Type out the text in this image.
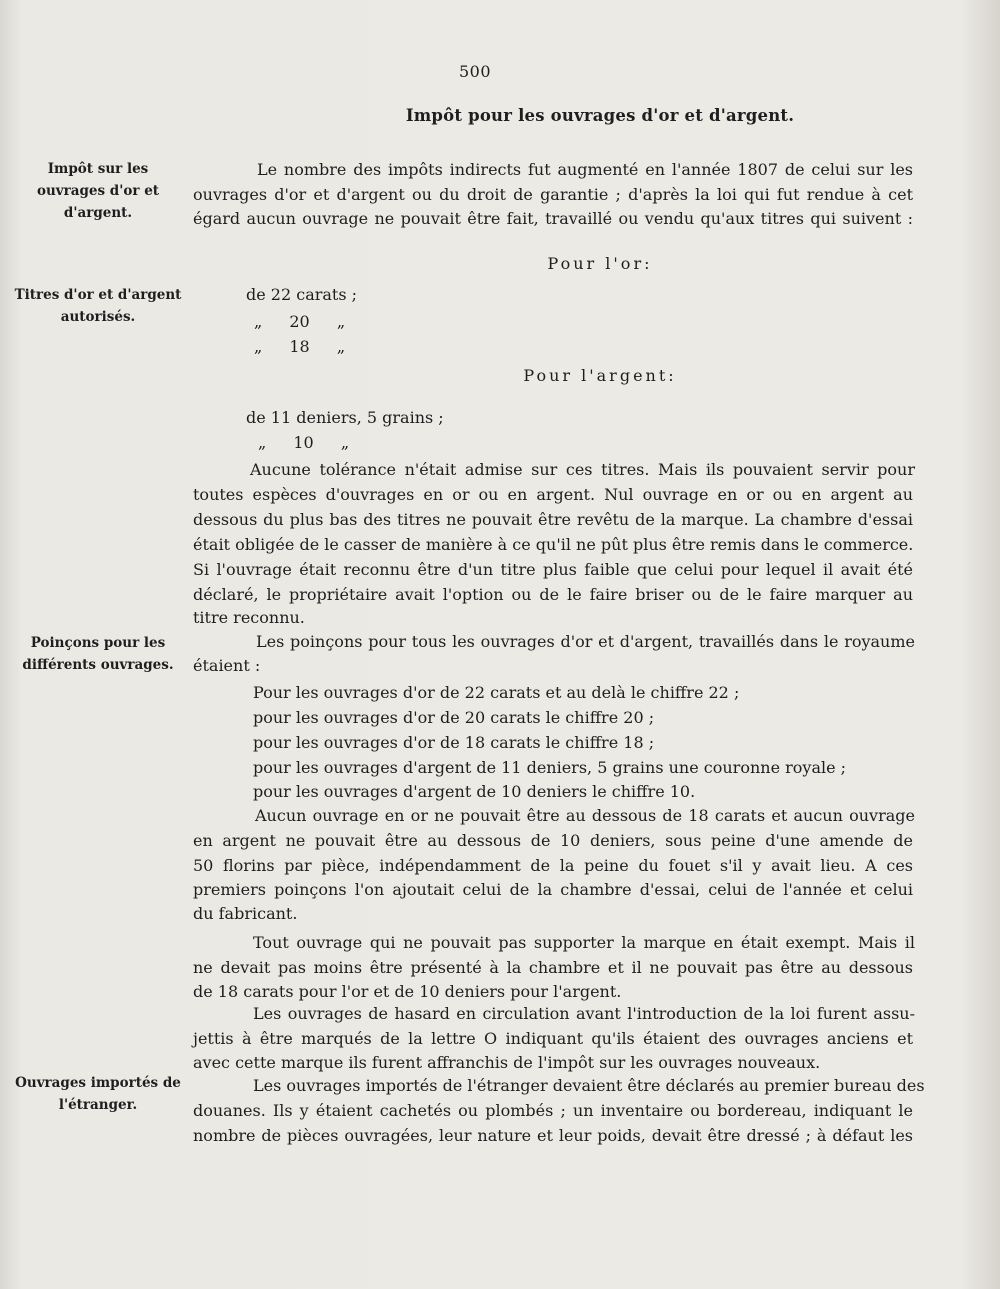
500
Impôt pour les ouvrages d'or et d'argent.
Impôt sur les ouvrages d'or et d'argent.
Titres d'or et d'argent autorisés.
Poinçons pour les différents ouvrages.
Ouvrages importés de l'étranger.
Le nombre des impôts indirects fut augmenté en l'année 1807 de celui sur les
ouvrages d'or et d'argent ou du droit de garantie ; d'après la loi qui fut rendue à cet
égard aucun ouvrage ne pouvait être fait, travaillé ou vendu qu'aux titres qui suivent :
Pour l'or:
de 22 carats ;
„ 20 „
„ 18 „
Pour l'argent:
de 11 deniers, 5 grains ;
„ 10 „
Aucune tolérance n'était admise sur ces titres. Mais ils pouvaient servir pour
toutes espèces d'ouvrages en or ou en argent. Nul ouvrage en or ou en argent au
dessous du plus bas des titres ne pouvait être revêtu de la marque. La chambre d'essai
était obligée de le casser de manière à ce qu'il ne pût plus être remis dans le commerce.
Si l'ouvrage était reconnu être d'un titre plus faible que celui pour lequel il avait été
déclaré, le propriétaire avait l'option ou de le faire briser ou de le faire marquer au
titre reconnu.
Les poinçons pour tous les ouvrages d'or et d'argent, travaillés dans le royaume
étaient :
Pour les ouvrages d'or de 22 carats et au delà le chiffre 22 ;
pour les ouvrages d'or de 20 carats le chiffre 20 ;
pour les ouvrages d'or de 18 carats le chiffre 18 ;
pour les ouvrages d'argent de 11 deniers, 5 grains une couronne royale ;
pour les ouvrages d'argent de 10 deniers le chiffre 10.
Aucun ouvrage en or ne pouvait être au dessous de 18 carats et aucun ouvrage
en argent ne pouvait être au dessous de 10 deniers, sous peine d'une amende de
50 florins par pièce, indépendamment de la peine du fouet s'il y avait lieu. A ces
premiers poinçons l'on ajoutait celui de la chambre d'essai, celui de l'année et celui
du fabricant.
Tout ouvrage qui ne pouvait pas supporter la marque en était exempt. Mais il
ne devait pas moins être présenté à la chambre et il ne pouvait pas être au dessous
de 18 carats pour l'or et de 10 deniers pour l'argent.
Les ouvrages de hasard en circulation avant l'introduction de la loi furent assu-
jettis à être marqués de la lettre O indiquant qu'ils étaient des ouvrages anciens et
avec cette marque ils furent affranchis de l'impôt sur les ouvrages nouveaux.
Les ouvrages importés de l'étranger devaient être déclarés au premier bureau des
douanes. Ils y étaient cachetés ou plombés ; un inventaire ou bordereau, indiquant le
nombre de pièces ouvragées, leur nature et leur poids, devait être dressé ; à défaut les
